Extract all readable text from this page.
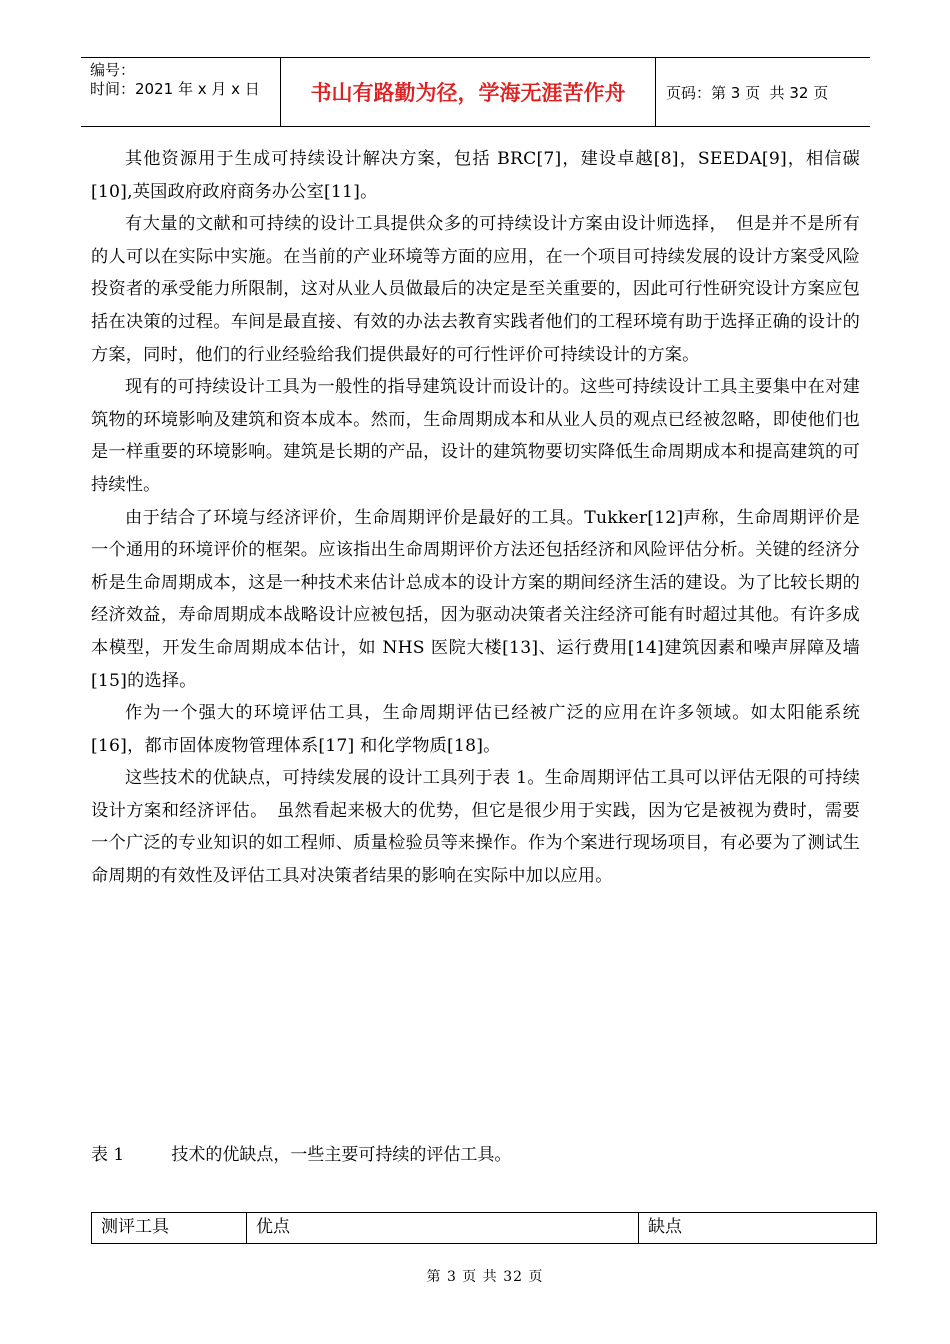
编号：
时间：2021 年 x 月 x 日	书山有路勤为径，学海无涯苦作舟	页码：第 3 页  共 32 页

其他资源用于生成可持续设计解决方案，包括 BRC[7]，建设卓越[8]，SEEDA[9]，相信碳[10],英国政府政府商务办公室[11]。

有大量的文献和可持续的设计工具提供众多的可持续设计方案由设计师选择，　但是并不是所有的人可以在实际中实施。在当前的产业环境等方面的应用，在一个项目可持续发展的设计方案受风险投资者的承受能力所限制，这对从业人员做最后的决定是至关重要的，因此可行性研究设计方案应包括在决策的过程。车间是最直接、有效的办法去教育实践者他们的工程环境有助于选择正确的设计的方案，同时，他们的行业经验给我们提供最好的可行性评价可持续设计的方案。

现有的可持续设计工具为一般性的指导建筑设计而设计的。这些可持续设计工具主要集中在对建筑物的环境影响及建筑和资本成本。然而，生命周期成本和从业人员的观点已经被忽略，即使他们也是一样重要的环境影响。建筑是长期的产品，设计的建筑物要切实降低生命周期成本和提高建筑的可持续性。

由于结合了环境与经济评价，生命周期评价是最好的工具。Tukker[12]声称，生命周期评价是一个通用的环境评价的框架。应该指出生命周期评价方法还包括经济和风险评估分析。关键的经济分析是生命周期成本，这是一种技术来估计总成本的设计方案的期间经济生活的建设。为了比较长期的经济效益，寿命周期成本战略设计应被包括，因为驱动决策者关注经济可能有时超过其他。有许多成本模型，开发生命周期成本估计，如 NHS 医院大楼[13]、运行费用[14]建筑因素和噪声屏障及墙[15]的选择。

作为一个强大的环境评估工具，生命周期评估已经被广泛的应用在许多领域。如太阳能系统[16]，都市固体废物管理体系[17] 和化学物质[18]。

这些技术的优缺点，可持续发展的设计工具列于表 1。生命周期评估工具可以评估无限的可持续设计方案和经济评估。　虽然看起来极大的优势，但它是很少用于实践，因为它是被视为费时，需要一个广泛的专业知识的如工程师、质量检验员等来操作。作为个案进行现场项目，有必要为了测试生命周期的有效性及评估工具对决策者结果的影响在实际中加以应用。

表 1	技术的优缺点，一些主要可持续的评估工具。
测评工具	优点	缺点
第 3 页 共 32 页
